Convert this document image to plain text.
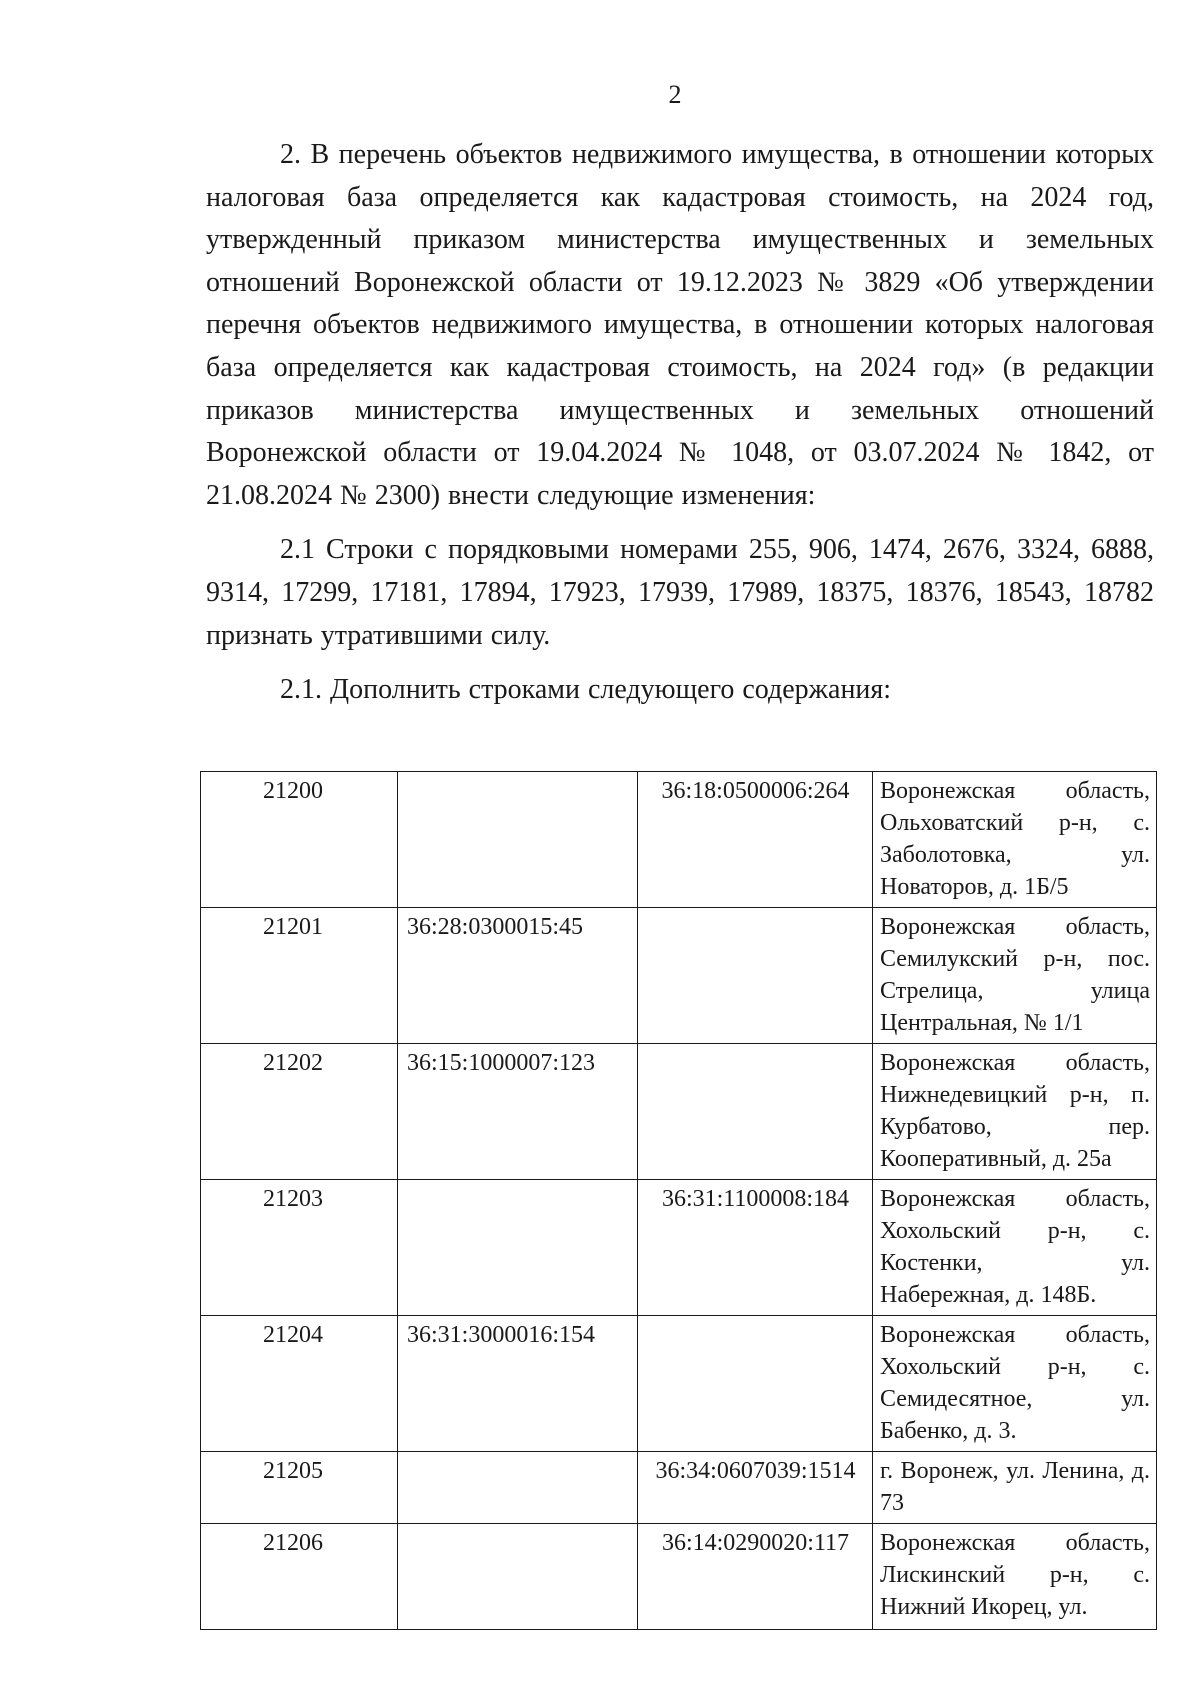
2

2. В перечень объектов недвижимого имущества, в отношении которых налоговая база определяется как кадастровая стоимость, на 2024 год, утвержденный приказом министерства имущественных и земельных отношений Воронежской области от 19.12.2023 № 3829 «Об утверждении перечня объектов недвижимого имущества, в отношении которых налоговая база определяется как кадастровая стоимость, на 2024 год» (в редакции приказов министерства имущественных и земельных отношений Воронежской области от 19.04.2024 № 1048, от 03.07.2024 № 1842, от 21.08.2024 № 2300) внести следующие изменения:

2.1 Строки с порядковыми номерами 255, 906, 1474, 2676, 3324, 6888, 9314, 17299, 17181, 17894, 17923, 17939, 17989, 18375, 18376, 18543, 18782 признать утратившими силу.

2.1. Дополнить строками следующего содержания:

21200		36:18:0500006:264	Воронежская область, Ольховатский р-н, с. Заболотовка, ул. Новаторов, д. 1Б/5
21201	36:28:0300015:45		Воронежская область, Семилукский р-н, пос. Стрелица, улица Центральная, № 1/1
21202	36:15:1000007:123		Воронежская область, Нижнедевицкий р-н, п. Курбатово, пер. Кооперативный, д. 25а
21203		36:31:1100008:184	Воронежская область, Хохольский р-н, с. Костенки, ул. Набережная, д. 148Б.
21204	36:31:3000016:154		Воронежская область, Хохольский р-н, с. Семидесятное, ул. Бабенко, д. 3.
21205		36:34:0607039:1514	г. Воронеж, ул. Ленина, д. 73
21206		36:14:0290020:117	Воронежская область, Лискинский р-н, с. Нижний Икорец, ул.
